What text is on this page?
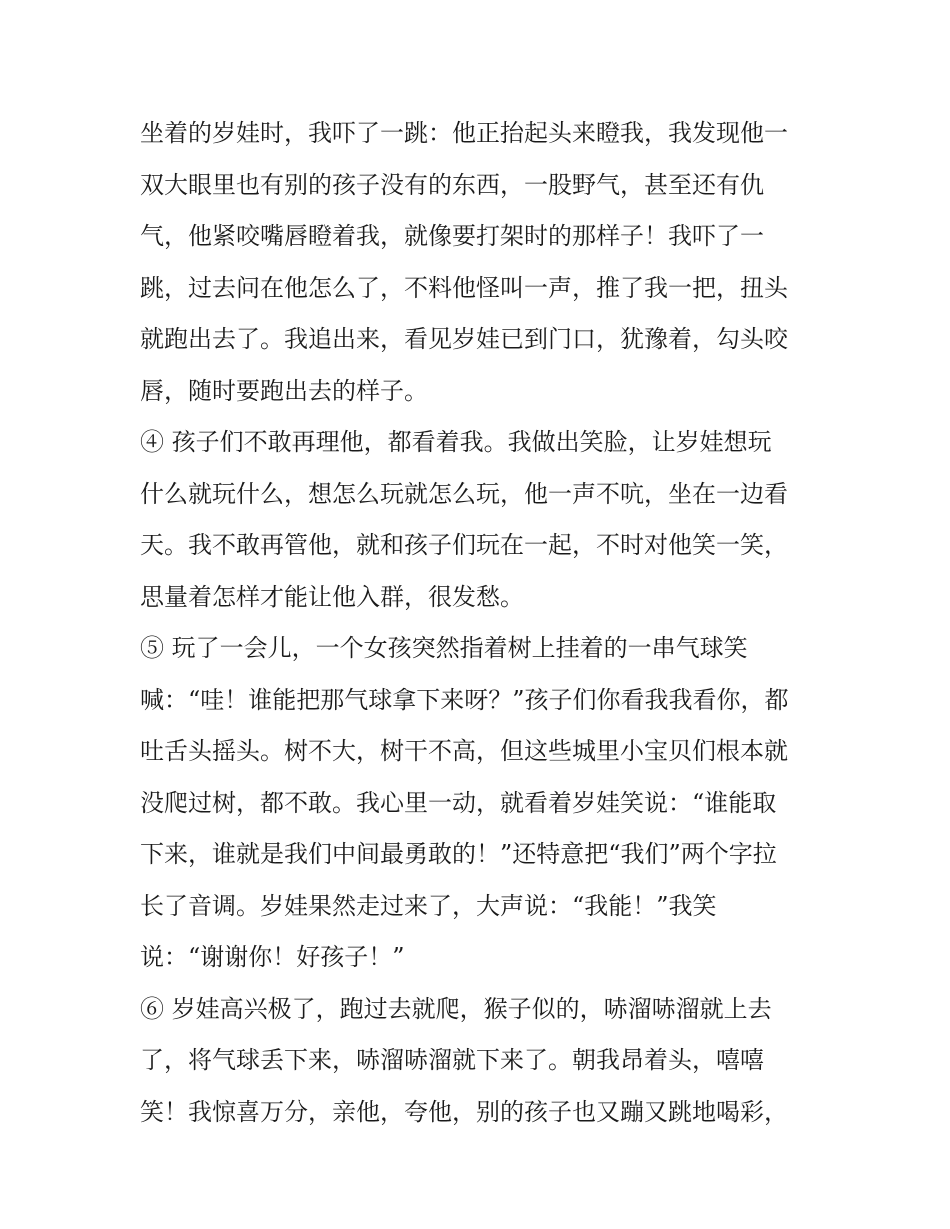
坐着的岁娃时，我吓了一跳：他正抬起头来瞪我，我发现他一
双大眼里也有别的孩子没有的东西，一股野气，甚至还有仇
气，他紧咬嘴唇瞪着我，就像要打架时的那样子！我吓了一
跳，过去问在他怎么了，不料他怪叫一声，推了我一把，扭头
就跑出去了。我追出来，看见岁娃已到门口，犹豫着，勾头咬
唇，随时要跑出去的样子。
④ 孩子们不敢再理他，都看着我。我做出笑脸，让岁娃想玩
什么就玩什么，想怎么玩就怎么玩，他一声不吭，坐在一边看
天。我不敢再管他，就和孩子们玩在一起，不时对他笑一笑，
思量着怎样才能让他入群，很发愁。
⑤ 玩了一会儿，一个女孩突然指着树上挂着的一串气球笑
喊：“哇！谁能把那气球拿下来呀？”孩子们你看我我看你，都
吐舌头摇头。树不大，树干不高，但这些城里小宝贝们根本就
没爬过树，都不敢。我心里一动，就看着岁娃笑说：“谁能取
下来，谁就是我们中间最勇敢的！”还特意把“我们”两个字拉
长了音调。岁娃果然走过来了，大声说：“我能！”我笑
说：“谢谢你！好孩子！”
⑥ 岁娃高兴极了，跑过去就爬，猴子似的，哧溜哧溜就上去
了，将气球丢下来，哧溜哧溜就下来了。朝我昂着头，嘻嘻
笑！我惊喜万分，亲他，夸他，别的孩子也又蹦又跳地喝彩，
